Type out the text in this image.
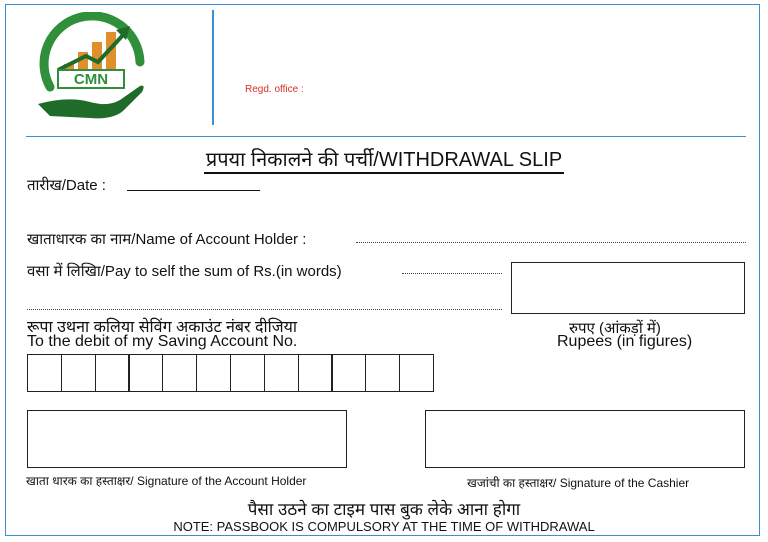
CMN
Regd. office :
प्रपया निकालने की पर्ची/WITHDRAWAL SLIP
तारीख/Date :
खाताधारक का नाम/Name of Account Holder :
वसा में लिखिा/Pay to self the sum of Rs.(in words)
रुपए (आंकड़ों में)
Rupees (in figures)
रूपा उथना कलिया सेविंग अकाउंट नंबर दीजिया
To the debit of my Saving Account No.
खाता धारक का हस्ताक्षर/ Signature of the Account Holder	खजांची का हस्ताक्षर/ Signature of the Cashier
पैसा उठने का टाइम पास बुक लेके आना होगा
NOTE: PASSBOOK IS COMPULSORY AT THE TIME OF WITHDRAWAL
